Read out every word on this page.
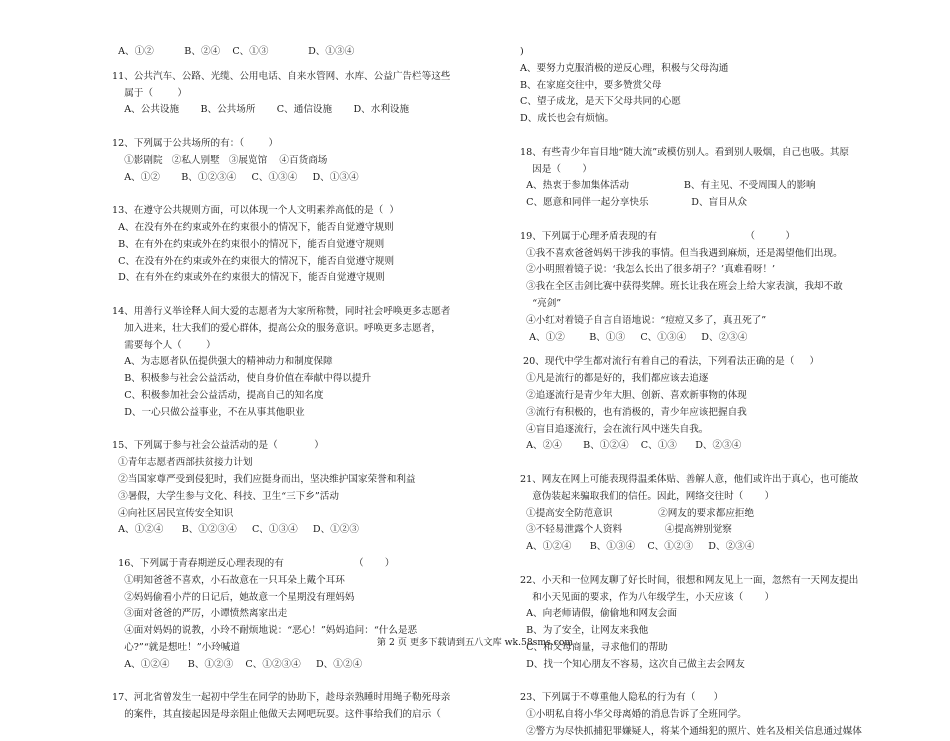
A、①②          B、②④    C、①③             D、①③④
11、公共汽车、公路、光缆、公用电话、自来水管网、水库、公益广告栏等这些
属于（        ）
A、公共设施       B、公共场所       C、通信设施       D、水利设施
12、下列属于公共场所的有：（        ）
①影剧院   ②私人别墅   ③展览馆    ④百货商场
A、①②       B、①②③④     C、①③④     D、①③④
13、在遵守公共规则方面，可以体现一个人文明素养高低的是（  ）
A、在没有外在约束或外在约束很小的情况下，能否自觉遵守规则
B、在有外在约束或外在约束很小的情况下，能否自觉遵守规则
C、在没有外在约束或外在约束很大的情况下，能否自觉遵守规则
D、在有外在约束或外在约束很大的情况下，能否自觉遵守规则
14、用善行义举诠释人间大爱的志愿者为大家所称赞，同时社会呼唤更多志愿者
加入进来，壮大我们的爱心群体，提高公众的服务意识。呼唤更多志愿者，
需要每个人（        ）
A、为志愿者队伍提供强大的精神动力和制度保障
B、积极参与社会公益活动，使自身价值在奉献中得以提升
C、积极参加社会公益活动，提高自己的知名度
D、一心只做公益事业，不在从事其他职业
15、下列属于参与社会公益活动的是（            ）
①青年志愿者西部扶贫接力计划
②当国家尊严受到侵犯时，我们应挺身而出，坚决维护国家荣誉和利益
③暑假，大学生参与文化、科技、卫生“三下乡”活动
④向社区居民宣传安全知识
A、①②④      B、①②③④     C、①③④     D、①②③
16、下列属于青春期逆反心理表现的有                       （       ）
①明知爸爸不喜欢，小石故意在一只耳朵上戴个耳环
②妈妈偷看小芹的日记后，她故意一个星期没有理妈妈
③面对爸爸的严厉，小谭愤然离家出走
④面对妈妈的说教，小玲不耐烦地说：“恶心！”妈妈追问：“什么是恶
心?”“就是想吐！”小玲喊道
A、①②④      B、①②③    C、①②③④     D、①②④
17、河北省曾发生一起初中学生在同学的协助下，趁母亲熟睡时用绳子勒死母亲
的案件，其直接起因是母亲阻止他做天去网吧玩耍。这件事给我们的启示（
)
A、要努力克服消极的逆反心理，积极与父母沟通
B、在家庭交往中，要多赞赏父母
C、望子成龙，是天下父母共同的心愿
D、成长也会有烦恼。
18、有些青少年盲目地“随大流”或模仿别人。看到别人吸烟，自己也吸。其原
因是（       ）
A、热衷于参加集体活动                  B、有主见、不受周围人的影响
C、愿意和同伴一起分享快乐              D、盲目从众
19、下列属于心理矛盾表现的有                             （          ）
①我不喜欢爸爸妈妈干涉我的事情。但当我遇到麻烦，还是渴望他们出现。
②小明照着镜子说：‘我怎么长出了很多胡子？’真难看呀！’
③我在全区击剑比赛中获得奖牌。班长让我在班会上给大家表演，我却不敢
“亮剑”
④小红对着镜子自言自语地说：“痘痘又多了，真丑死了”
A、①②        B、①③     C、①③④     D、②③④
20、现代中学生都对流行有着自己的看法，下列看法正确的是（     ）
①凡是流行的都是好的，我们都应该去追逐
②追逐流行是青少年大胆、创新、喜欢新事物的体现
③流行有积极的，也有消极的，青少年应该把握自我
④盲目追逐流行，会在流行风中迷失自我。
A、②④       B、①②④    C、①③      D、②③④
21、网友在网上可能表现得温柔体贴、善解人意，他们或许出于真心，也可能故
意伪装起来骗取我们的信任。因此，网络交往时（       ）
①提高安全防范意识               ②网友的要求都应拒绝
③不轻易泄露个人资料              ④提高辨别觉察
A、①②④      B、①③④    C、①②③     D、②③④
22、小天和一位网友聊了好长时间，很想和网友见上一面，忽然有一天网友提出
和小天见面的要求，作为八年级学生，小天应该（       ）
A、向老师请假，偷偷地和网友会面
B、为了安全，让网友来我他
C、和父母商量，寻求他们的帮助
D、找一个知心朋友不容易，这次自己做主去会网友
23、下列属于不尊重他人隐私的行为有（      ）
①小明私自将小华父母离婚的消息告诉了全班同学。
②警方为尽快抓捕犯罪嫌疑人，将某个通缉犯的照片、姓名及相关信息通过媒体
第 2 页 更多下载请到五八文库 wk.58sms.com
